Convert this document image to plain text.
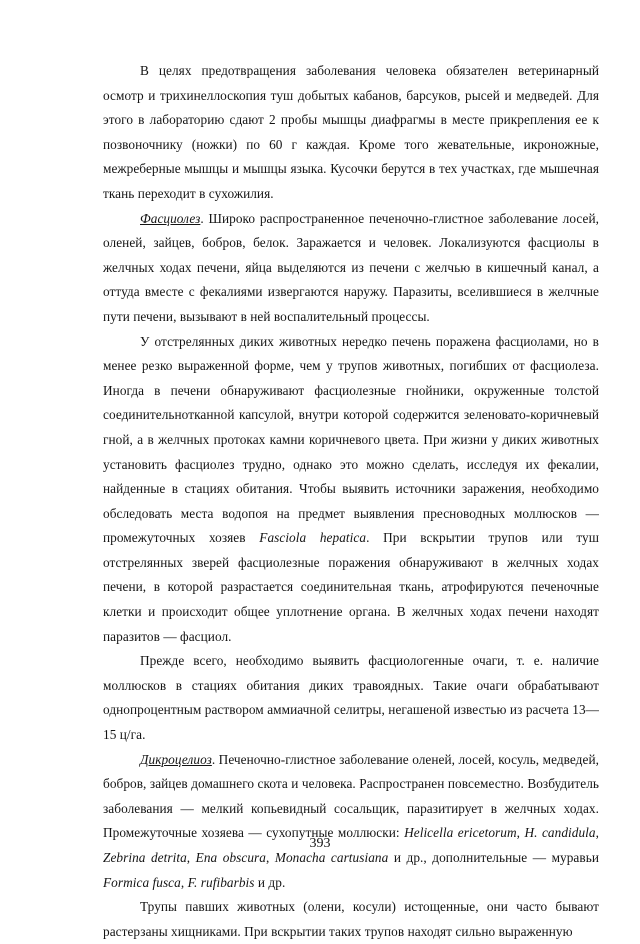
В целях предотвращения заболевания человека обязателен ветеринарный осмотр и трихинеллоскопия туш добытых кабанов, барсуков, рысей и медведей. Для этого в лабораторию сдают 2 пробы мышцы диафрагмы в месте прикрепления ее к позвоночнику (ножки) по 60 г каждая. Кроме того жевательные, икроножные, межреберные мышцы и мышцы языка. Кусочки берутся в тех участках, где мышечная ткань переходит в сухожилия.

Фасциолез. Широко распространенное печеночно-глистное заболевание лосей, оленей, зайцев, бобров, белок. Заражается и человек. Локализуются фасциолы в желчных ходах печени, яйца выделяются из печени с желчью в кишечный канал, а оттуда вместе с фекалиями извергаются наружу. Паразиты, вселившиеся в желчные пути печени, вызывают в ней воспалительный процессы.

У отстрелянных диких животных нередко печень поражена фасциолами, но в менее резко выраженной форме, чем у трупов животных, погибших от фасциолеза. Иногда в печени обнаруживают фасциолезные гнойники, окруженные толстой соединительнотканной капсулой, внутри которой содержится зеленовато-коричневый гной, а в желчных протоках камни коричневого цвета. При жизни у диких животных установить фасциолез трудно, однако это можно сделать, исследуя их фекалии, найденные в стациях обитания. Чтобы выявить источники заражения, необходимо обследовать места водопоя на предмет выявления пресноводных моллюсков — промежуточных хозяев Fasciola hepatica. При вскрытии трупов или туш отстрелянных зверей фасциолезные поражения обнаруживают в желчных ходах печени, в которой разрастается соединительная ткань, атрофируются печеночные клетки и происходит общее уплотнение органа. В желчных ходах печени находят паразитов — фасциол.

Прежде всего, необходимо выявить фасциологенные очаги, т. е. наличие моллюсков в стациях обитания диких травоядных. Такие очаги обрабатывают однопроцентным раствором аммиачной селитры, негашеной известью из расчета 13—15 ц/га.

Дикроцелиоз. Печеночно-глистное заболевание оленей, лосей, косуль, медведей, бобров, зайцев домашнего скота и человека. Распространен повсеместно. Возбудитель заболевания — мелкий копьевидный сосальщик, паразитирует в желчных ходах. Промежуточные хозяева — сухопутные моллюски: Helicella ericetorum, H. candidula, Zebrina detrita, Ena obscura, Monacha cartusiana и др., дополнительные — муравьи Formica fusca, F. rufibarbis и др.

Трупы павших животных (олени, косули) истощенные, они часто бывают растерзаны хищниками. При вскрытии таких трупов находят сильно выраженную

393
